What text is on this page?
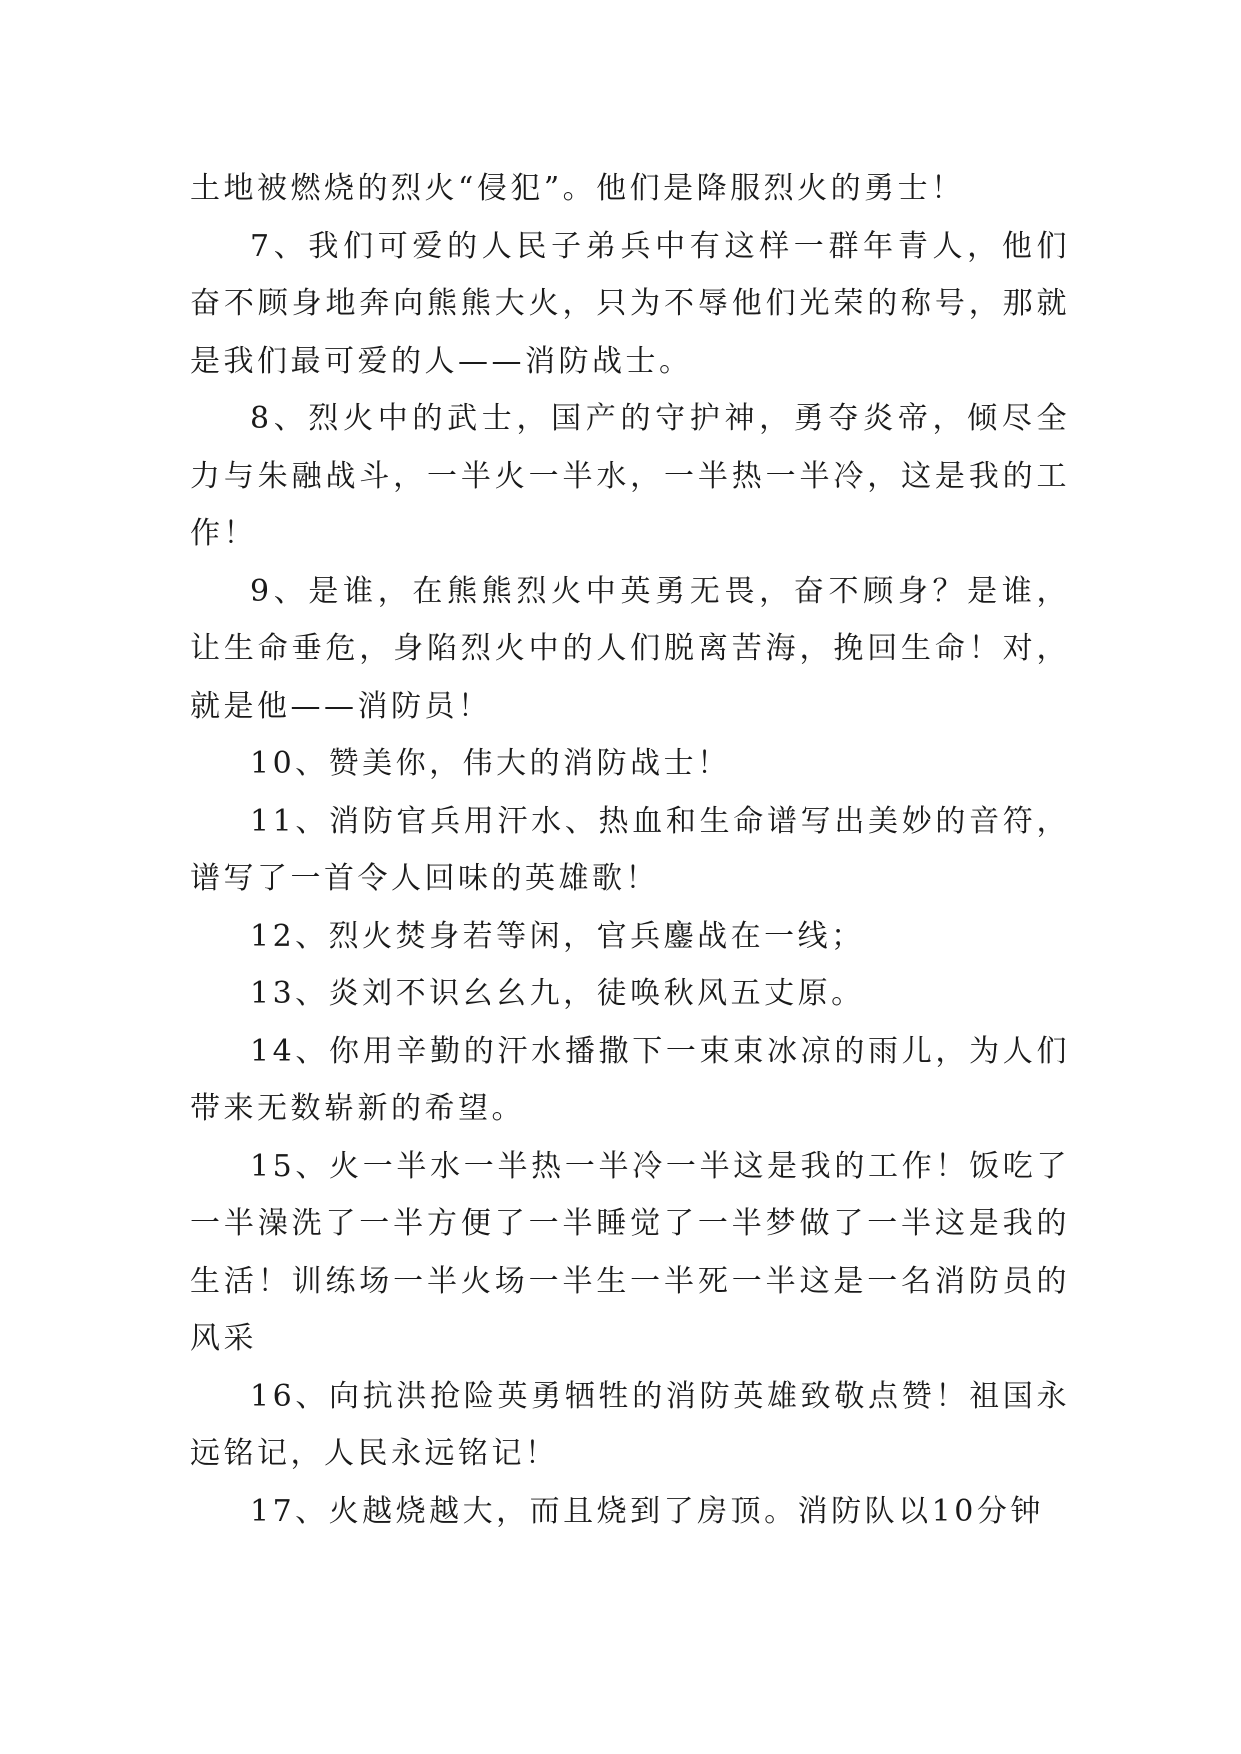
土地被燃烧的烈火“侵犯”。他们是降服烈火的勇士！

7、我们可爱的人民子弟兵中有这样一群年青人，他们奋不顾身地奔向熊熊大火，只为不辱他们光荣的称号，那就是我们最可爱的人——消防战士。

8、烈火中的武士，国产的守护神，勇夺炎帝，倾尽全力与朱融战斗，一半火一半水，一半热一半冷，这是我的工作！

9、是谁，在熊熊烈火中英勇无畏，奋不顾身？是谁，让生命垂危，身陷烈火中的人们脱离苦海，挽回生命！对，就是他——消防员！

10、赞美你，伟大的消防战士！

11、消防官兵用汗水、热血和生命谱写出美妙的音符，谱写了一首令人回味的英雄歌！

12、烈火焚身若等闲，官兵鏖战在一线；

13、炎刘不识幺幺九，徒唤秋风五丈原。

14、你用辛勤的汗水播撒下一束束冰凉的雨儿，为人们带来无数崭新的希望。

15、火一半水一半热一半冷一半这是我的工作！饭吃了一半澡洗了一半方便了一半睡觉了一半梦做了一半这是我的生活！训练场一半火场一半生一半死一半这是一名消防员的风采

16、向抗洪抢险英勇牺牲的消防英雄致敬点赞！祖国永远铭记，人民永远铭记！

17、火越烧越大，而且烧到了房顶。消防队以10分钟
